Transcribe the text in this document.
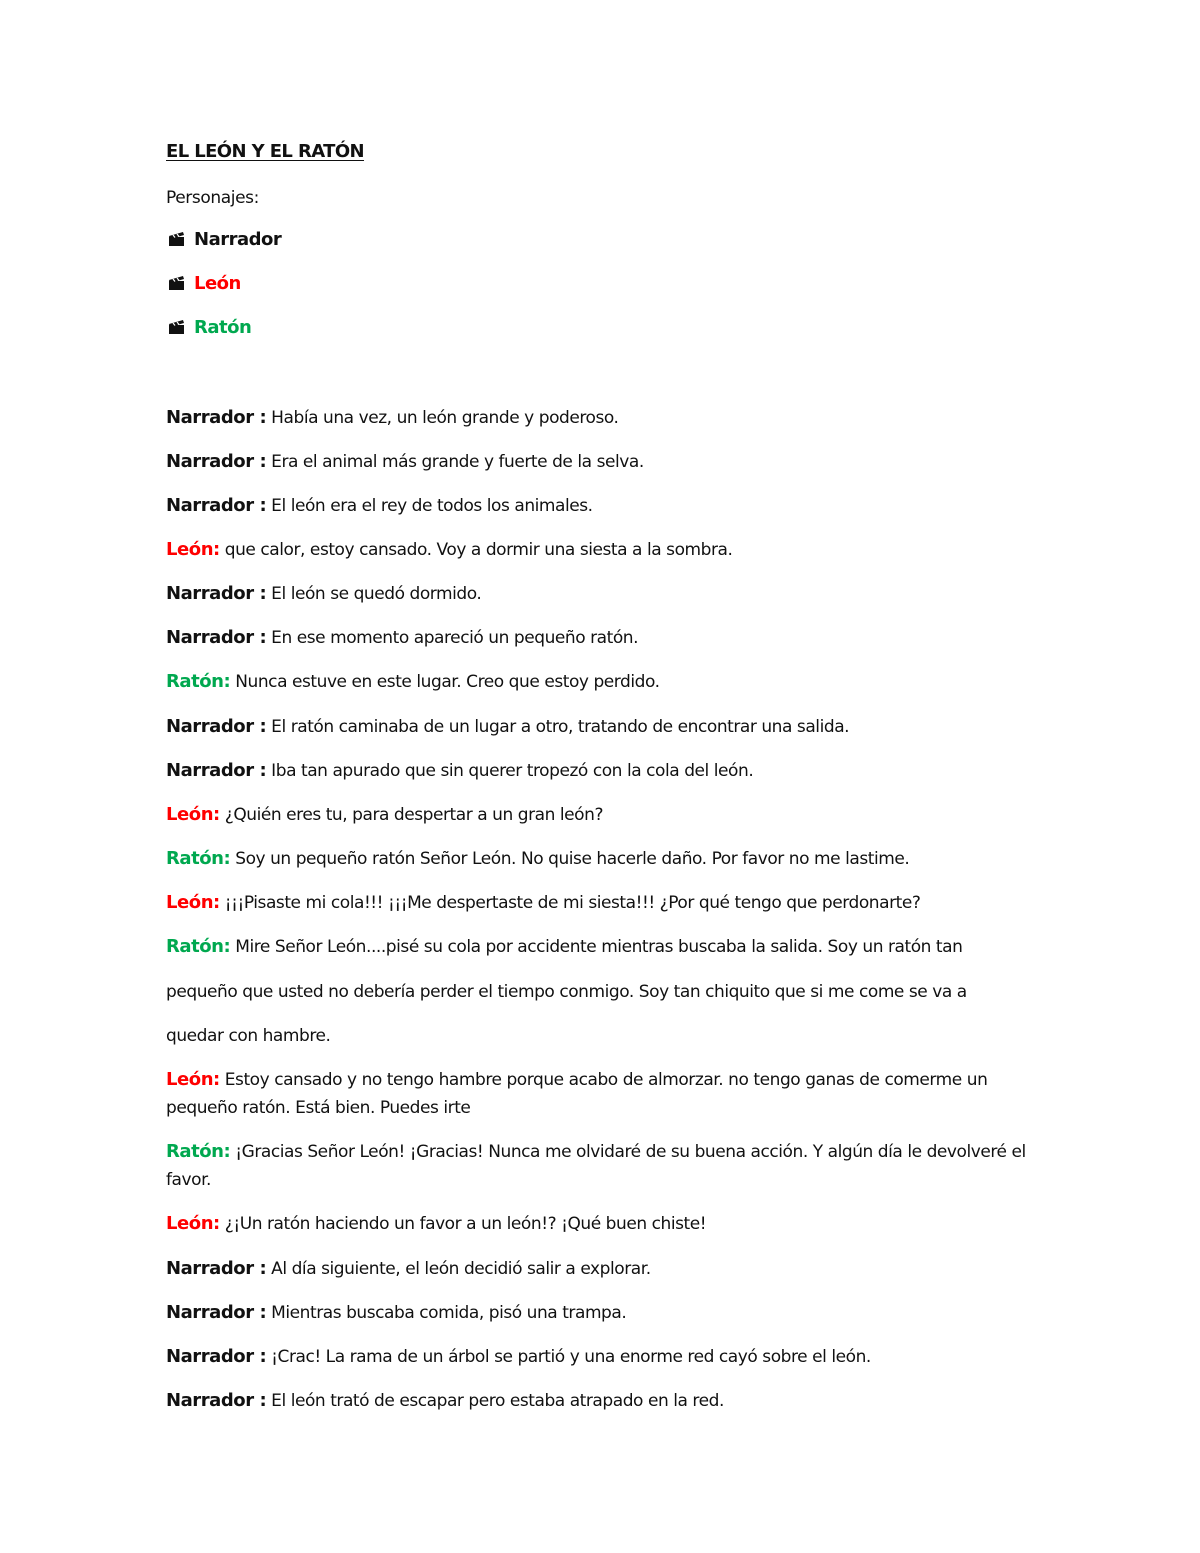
EL LEÓN Y EL RATÓN
Personajes:
Narrador
León
Ratón
Narrador : Había una vez, un león grande y poderoso.
Narrador : Era el animal más grande y fuerte de la selva.
Narrador : El león era el rey de todos los animales.
León: que calor, estoy cansado. Voy a dormir una siesta a la sombra.
Narrador : El león se quedó dormido.
Narrador : En ese momento apareció un pequeño ratón.
Ratón: Nunca estuve en este lugar. Creo que estoy perdido.
Narrador : El ratón caminaba de un lugar a otro, tratando de encontrar una salida.
Narrador : Iba tan apurado que sin querer tropezó con la cola del león.
León: ¿Quién eres tu, para despertar a un gran león?
Ratón: Soy un pequeño ratón Señor León. No quise hacerle daño. Por favor no me lastime.
León: ¡¡¡Pisaste mi cola!!! ¡¡¡Me despertaste de mi siesta!!! ¿Por qué tengo que perdonarte?
Ratón: Mire Señor León....pisé su cola por accidente mientras buscaba la salida. Soy un ratón tan
pequeño que usted no debería perder el tiempo conmigo. Soy tan chiquito que si me come se va a
quedar con hambre.
León: Estoy cansado y no tengo hambre porque acabo de almorzar. no tengo ganas de comerme un pequeño ratón. Está bien. Puedes irte
Ratón: ¡Gracias Señor León! ¡Gracias! Nunca me olvidaré de su buena acción. Y algún día le devolveré el favor.
León: ¿¡Un ratón haciendo un favor a un león!? ¡Qué buen chiste!
Narrador : Al día siguiente, el león decidió salir a explorar.
Narrador : Mientras buscaba comida, pisó una trampa.
Narrador : ¡Crac! La rama de un árbol se partió y una enorme red cayó sobre el león.
Narrador : El león trató de escapar pero estaba atrapado en la red.
